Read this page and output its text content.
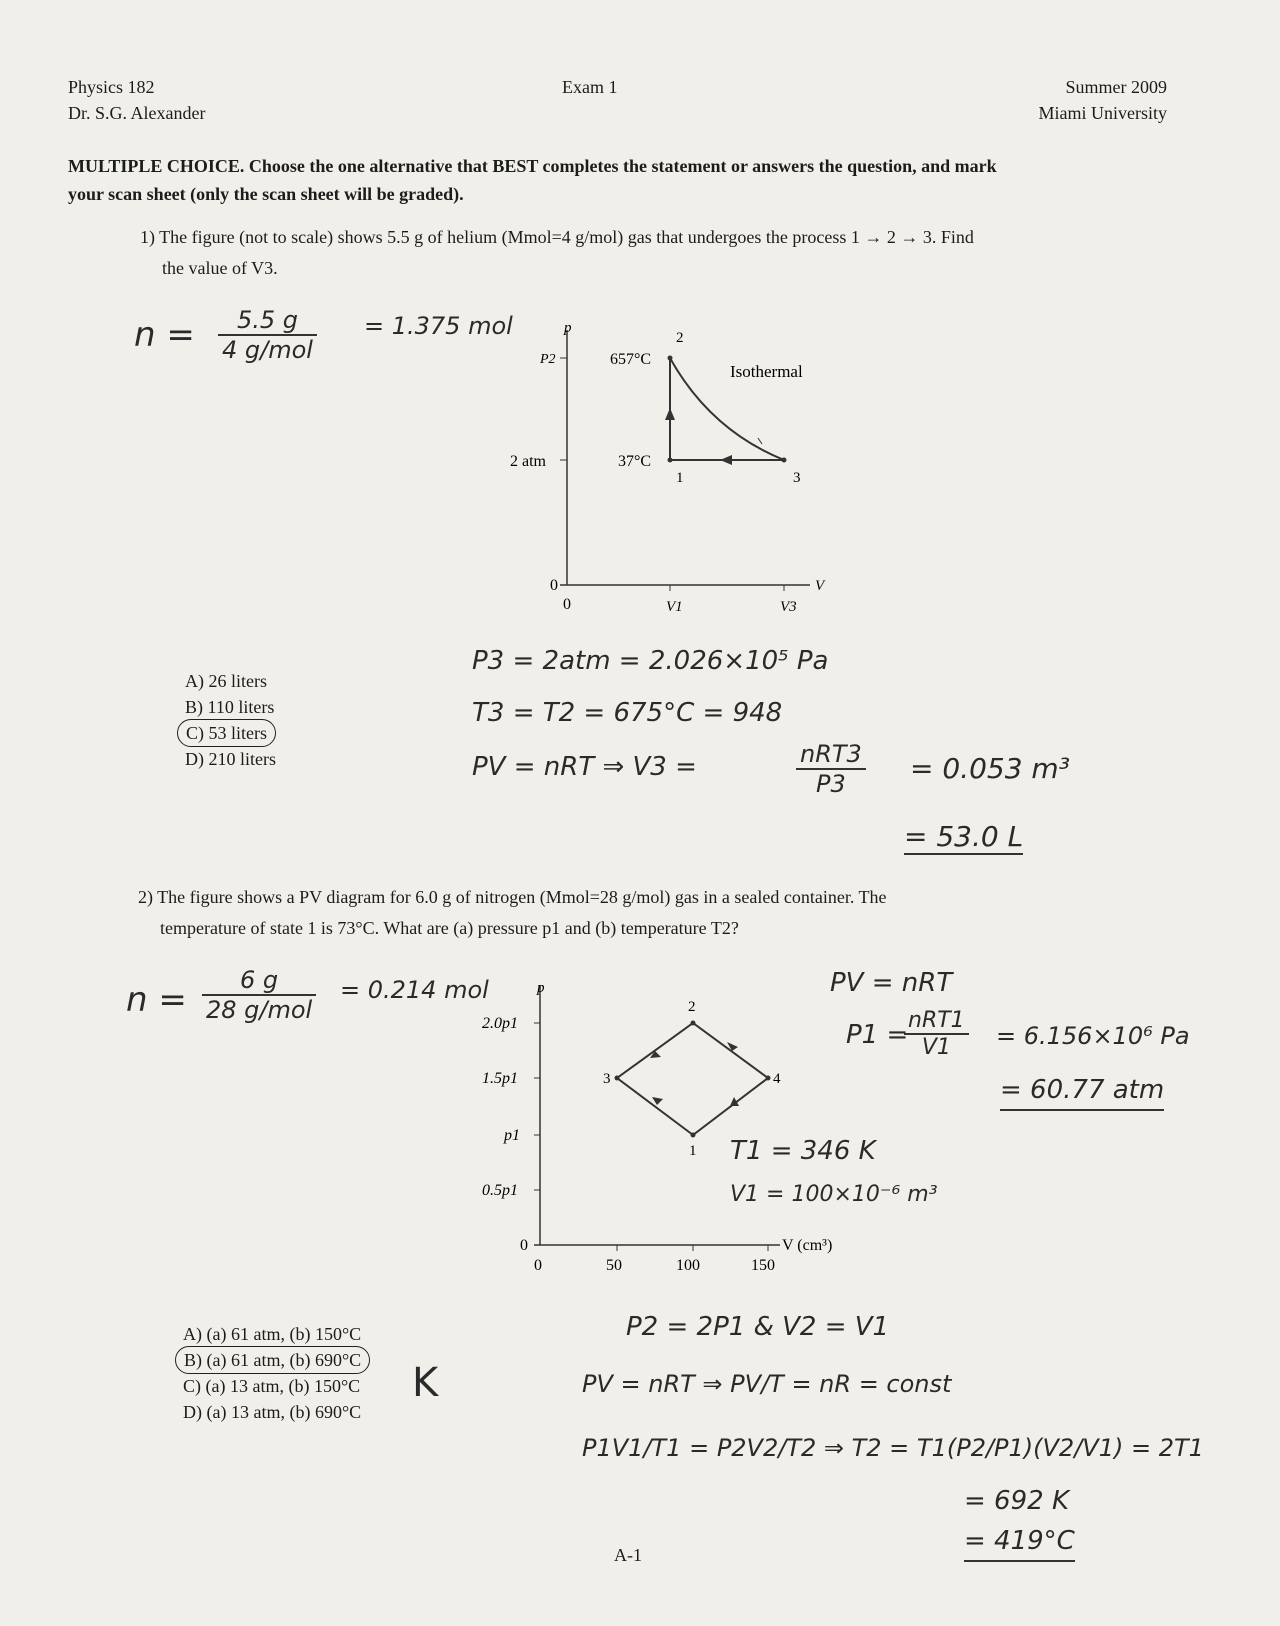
Physics 182
Dr. S.G. Alexander
Exam 1	Summer 2009
Miami University
MULTIPLE CHOICE. Choose the one alternative that BEST completes the statement or answers the question, and mark
your scan sheet (only the scan sheet will be graded).
1) The figure (not to scale) shows 5.5 g of helium (Mmol=4 g/mol) gas that undergoes the process 1 → 2 → 3. Find
the value of V3.
n =	5.5 g
4 g/mol
= 1.375 mol	p
P2
2 atm
0
0
657°C
37°C
2
1	3
V1	V3
V
Isothermal
A) 26 liters
B) 110 liters
C) 53 liters
D) 210 liters
P3 = 2atm = 2.026×10⁵ Pa
T3 = T2 = 675°C = 948
PV = nRT ⇒ V3 =	nRT3
P3	= 0.053 m³
= 53.0 L
2) The figure shows a PV diagram for 6.0 g of nitrogen (Mmol=28 g/mol) gas in a sealed container. The
temperature of state 1 is 73°C. What are (a) pressure p1 and (b) temperature T2?
n =	6 g
28 g/mol
= 0.214 mol	p
2.0p1
1.5p1
p1
0.5p1
0
0	50	100	150
V (cm³)
2
1
3	4
PV = nRT
P1 = nRT1
V1	= 6.156×10⁶ Pa
= 60.77 atm
T1 = 346 K
V1 = 100×10⁻⁶ m³
A) (a) 61 atm, (b) 150°C
B) (a) 61 atm, (b) 690°C
C) (a) 13 atm, (b) 150°C
D) (a) 13 atm, (b) 690°C
K
P2 = 2P1 & V2 = V1
PV = nRT ⇒ PV/T = nR = const
P1V1/T1 = P2V2/T2 ⇒ T2 = T1(P2/P1)(V2/V1) = 2T1
= 692 K
= 419°C
A-1
